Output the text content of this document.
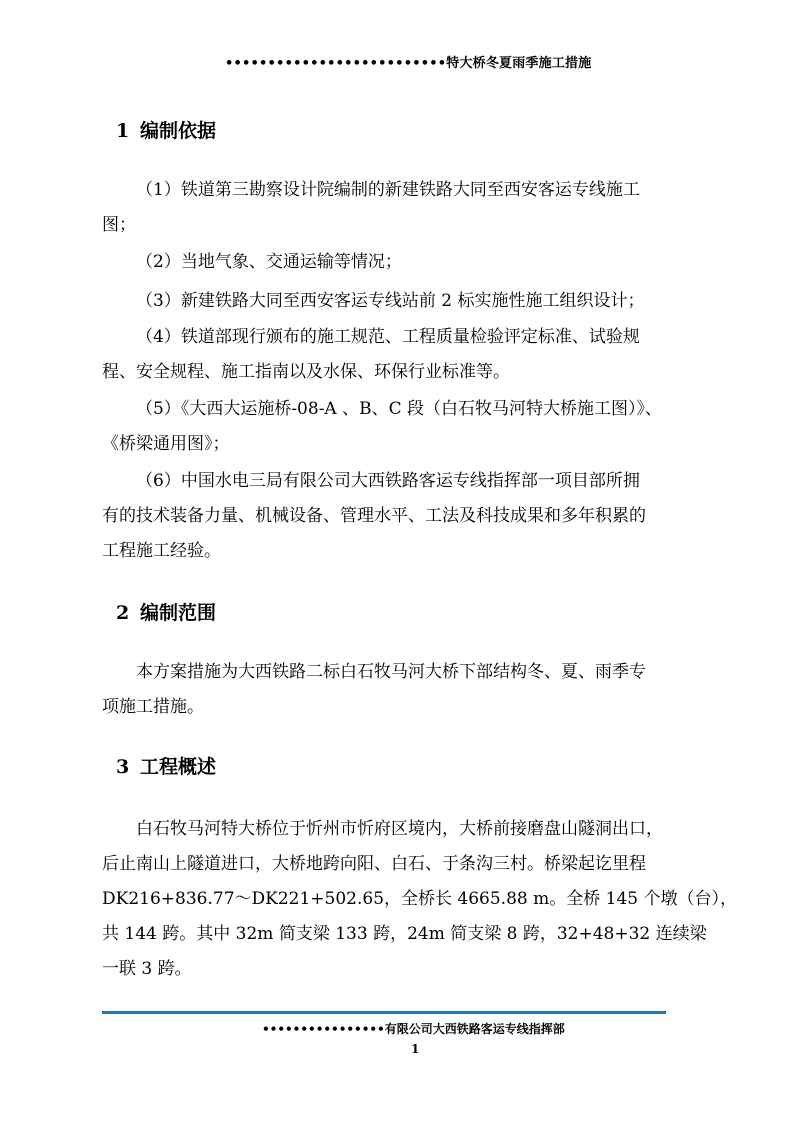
••••••••••••••••••••••••••特大桥冬夏雨季施工措施
1 编制依据

（1）铁道第三勘察设计院编制的新建铁路大同至西安客运专线施工
图；

（2）当地气象、交通运输等情况；

（3）新建铁路大同至西安客运专线站前 2 标实施性施工组织设计；

（4）铁道部现行颁布的施工规范、工程质量检验评定标准、试验规
程、安全规程、施工指南以及水保、环保行业标准等。

（5）《大西大运施桥-08-A 、B、C 段（白石牧马河特大桥施工图）》、
《桥梁通用图》；

（6）中国水电三局有限公司大西铁路客运专线指挥部一项目部所拥
有的技术装备力量、机械设备、管理水平、工法及科技成果和多年积累的
工程施工经验。

2 编制范围

本方案措施为大西铁路二标白石牧马河大桥下部结构冬、夏、雨季专
项施工措施。

3 工程概述

白石牧马河特大桥位于忻州市忻府区境内，大桥前接磨盘山隧洞出口，
后止南山上隧道进口，大桥地跨向阳、白石、于条沟三村。桥梁起讫里程
DK216+836.77～DK221+502.65，全桥长 4665.88 m。全桥 145 个墩（台），
共 144 跨。其中 32m 简支梁 133 跨，24m 简支梁 8 跨，32+48+32 连续梁
一联 3 跨。

••••••••••••••••有限公司大西铁路客运专线指挥部
1
